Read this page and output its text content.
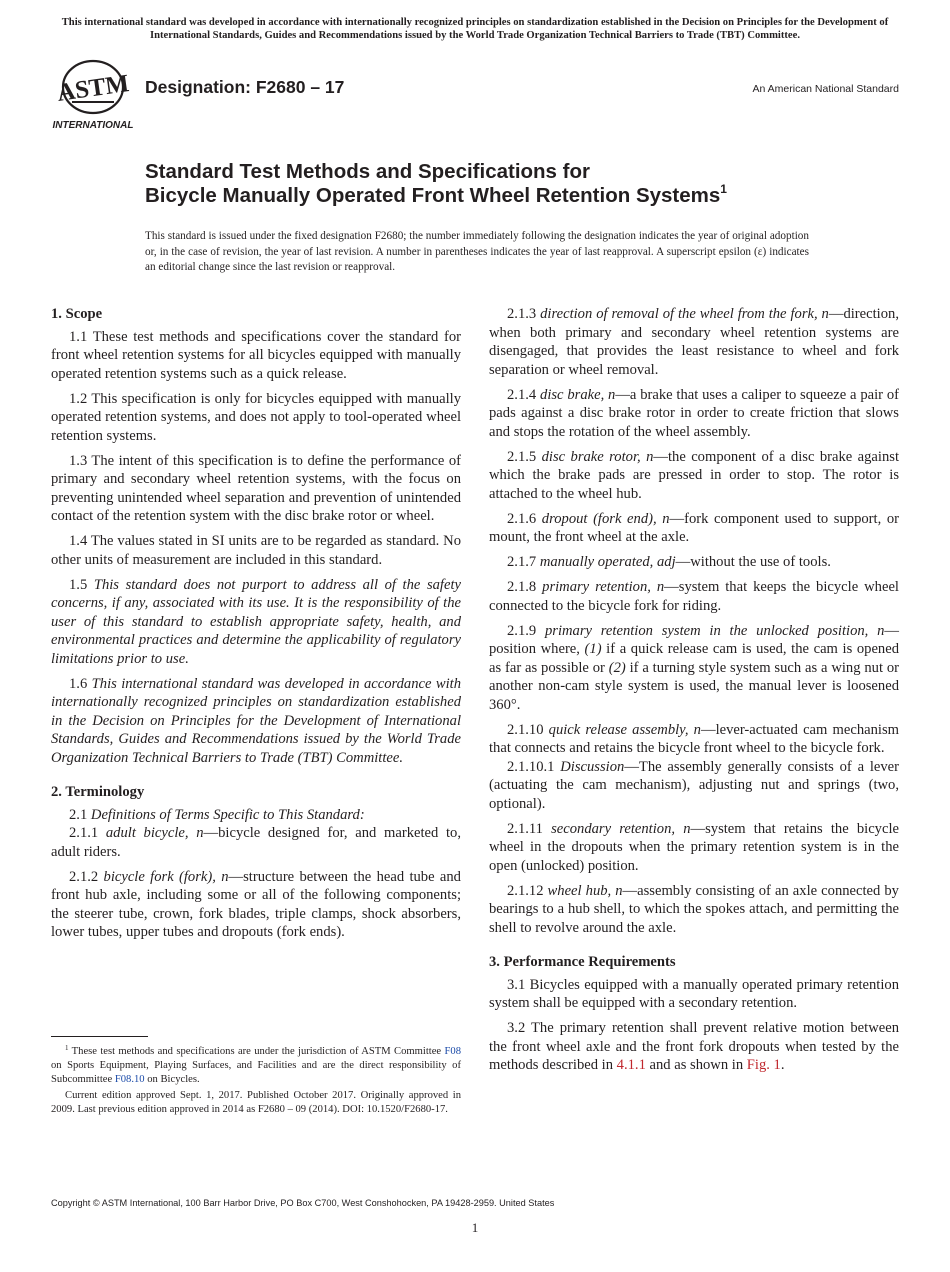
This international standard was developed in accordance with internationally recognized principles on standardization established in the Decision on Principles for the Development of International Standards, Guides and Recommendations issued by the World Trade Organization Technical Barriers to Trade (TBT) Committee.
ASTM
INTERNATIONAL
Designation: F2680 – 17	An American National Standard
Standard Test Methods and Specifications for
Bicycle Manually Operated Front Wheel Retention Systems$^1$

This standard is issued under the fixed designation F2680; the number immediately following the designation indicates the year of original adoption or, in the case of revision, the year of last revision. A number in parentheses indicates the year of last reapproval. A superscript epsilon (ε) indicates an editorial change since the last revision or reapproval.

1. Scope

1.1 These test methods and specifications cover the standard for front wheel retention systems for all bicycles equipped with manually operated retention systems such as a quick release.

1.2 This specification is only for bicycles equipped with manually operated retention systems, and does not apply to tool-operated wheel retention systems.

1.3 The intent of this specification is to define the performance of primary and secondary wheel retention systems, with the focus on preventing unintended wheel separation and prevention of unintended contact of the retention system with the disc brake rotor or wheel.

1.4 The values stated in SI units are to be regarded as standard. No other units of measurement are included in this standard.

1.5 This standard does not purport to address all of the safety concerns, if any, associated with its use. It is the responsibility of the user of this standard to establish appropriate safety, health, and environmental practices and determine the applicability of regulatory limitations prior to use.

1.6 This international standard was developed in accordance with internationally recognized principles on standardization established in the Decision on Principles for the Development of International Standards, Guides and Recommendations issued by the World Trade Organization Technical Barriers to Trade (TBT) Committee.

2. Terminology

2.1 Definitions of Terms Specific to This Standard:

2.1.1 adult bicycle, n—bicycle designed for, and marketed to, adult riders.

2.1.2 bicycle fork (fork), n—structure between the head tube and front hub axle, including some or all of the following components; the steerer tube, crown, fork blades, triple clamps, shock absorbers, lower tubes, upper tubes and dropouts (fork ends).

2.1.3 direction of removal of the wheel from the fork, n—direction, when both primary and secondary wheel retention systems are disengaged, that provides the least resistance to wheel and fork separation or wheel removal.

2.1.4 disc brake, n—a brake that uses a caliper to squeeze a pair of pads against a disc brake rotor in order to create friction that slows and stops the rotation of the wheel assembly.

2.1.5 disc brake rotor, n—the component of a disc brake against which the brake pads are pressed in order to stop. The rotor is attached to the wheel hub.

2.1.6 dropout (fork end), n—fork component used to support, or mount, the front wheel at the axle.

2.1.7 manually operated, adj—without the use of tools.

2.1.8 primary retention, n—system that keeps the bicycle wheel connected to the bicycle fork for riding.

2.1.9 primary retention system in the unlocked position, n—position where, (1) if a quick release cam is used, the cam is opened as far as possible or (2) if a turning style system such as a wing nut or another non-cam style system is used, the manual lever is loosened 360°.

2.1.10 quick release assembly, n—lever-actuated cam mechanism that connects and retains the bicycle front wheel to the bicycle fork.

2.1.10.1 Discussion—The assembly generally consists of a lever (actuating the cam mechanism), adjusting nut and springs (two, optional).

2.1.11 secondary retention, n—system that retains the bicycle wheel in the dropouts when the primary retention system is in the open (unlocked) position.

2.1.12 wheel hub, n—assembly consisting of an axle connected by bearings to a hub shell, to which the spokes attach, and permitting the shell to revolve around the axle.

3. Performance Requirements

3.1 Bicycles equipped with a manually operated primary retention system shall be equipped with a secondary retention.

3.2 The primary retention shall prevent relative motion between the front wheel axle and the front fork dropouts when tested by the methods described in 4.1.1 and as shown in Fig. 1.

$^1$ These test methods and specifications are under the jurisdiction of ASTM Committee F08 on Sports Equipment, Playing Surfaces, and Facilities and are the direct responsibility of Subcommittee F08.10 on Bicycles.

Current edition approved Sept. 1, 2017. Published October 2017. Originally approved in 2009. Last previous edition approved in 2014 as F2680 – 09 (2014). DOI: 10.1520/F2680-17.

Copyright © ASTM International, 100 Barr Harbor Drive, PO Box C700, West Conshohocken, PA 19428-2959. United States
1
